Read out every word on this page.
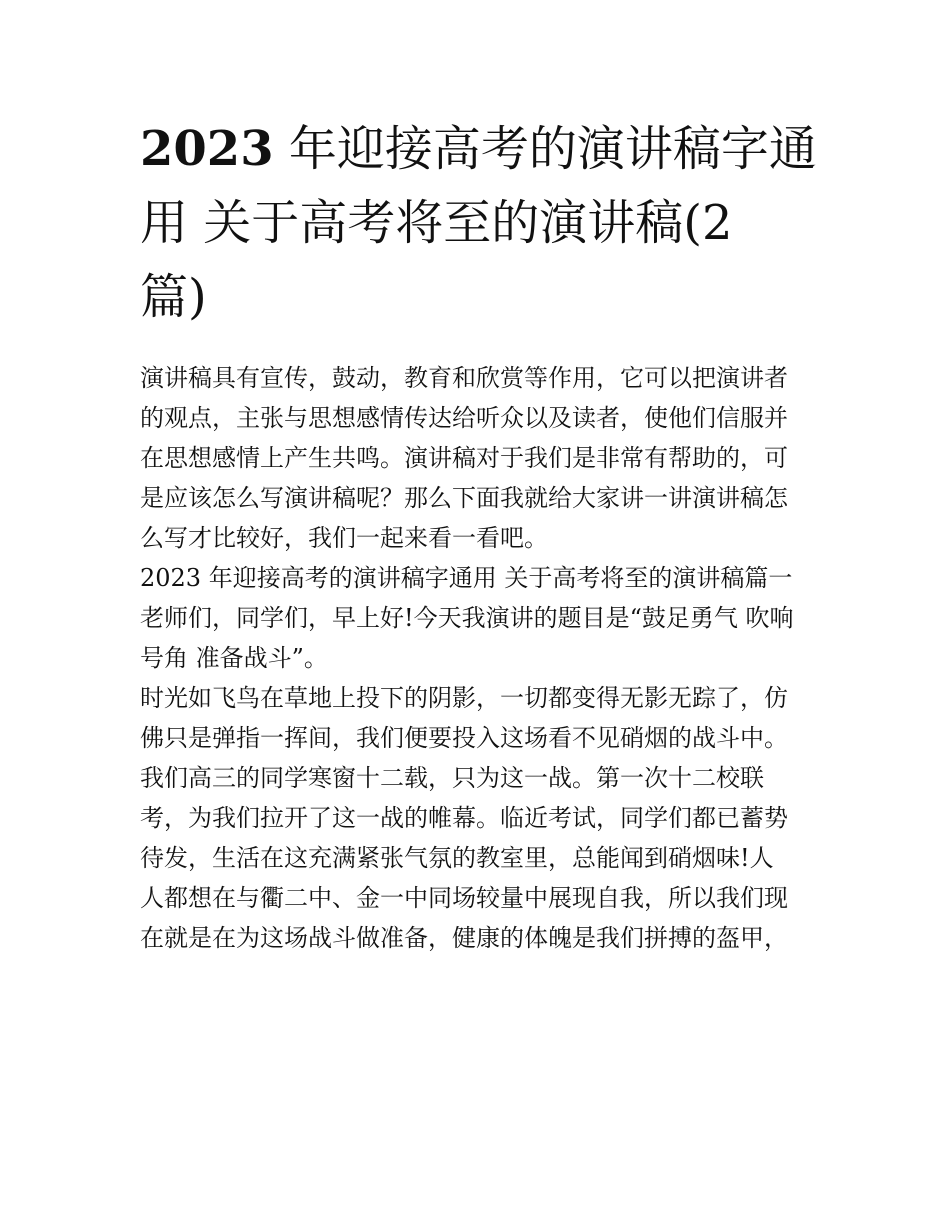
2023 年迎接高考的演讲稿字通
用 关于高考将至的演讲稿(2
篇)
演讲稿具有宣传，鼓动，教育和欣赏等作用，它可以把演讲者
的观点，主张与思想感情传达给听众以及读者，使他们信服并
在思想感情上产生共鸣。演讲稿对于我们是非常有帮助的，可
是应该怎么写演讲稿呢？那么下面我就给大家讲一讲演讲稿怎
么写才比较好，我们一起来看一看吧。
2023 年迎接高考的演讲稿字通用 关于高考将至的演讲稿篇一
老师们，同学们，早上好!今天我演讲的题目是“鼓足勇气 吹响
号角 准备战斗”。
时光如飞鸟在草地上投下的阴影，一切都变得无影无踪了，仿
佛只是弹指一挥间，我们便要投入这场看不见硝烟的战斗中。
我们高三的同学寒窗十二载，只为这一战。第一次十二校联
考，为我们拉开了这一战的帷幕。临近考试，同学们都已蓄势
待发，生活在这充满紧张气氛的教室里，总能闻到硝烟味!人
人都想在与衢二中、金一中同场较量中展现自我，所以我们现
在就是在为这场战斗做准备，健康的体魄是我们拼搏的盔甲，
